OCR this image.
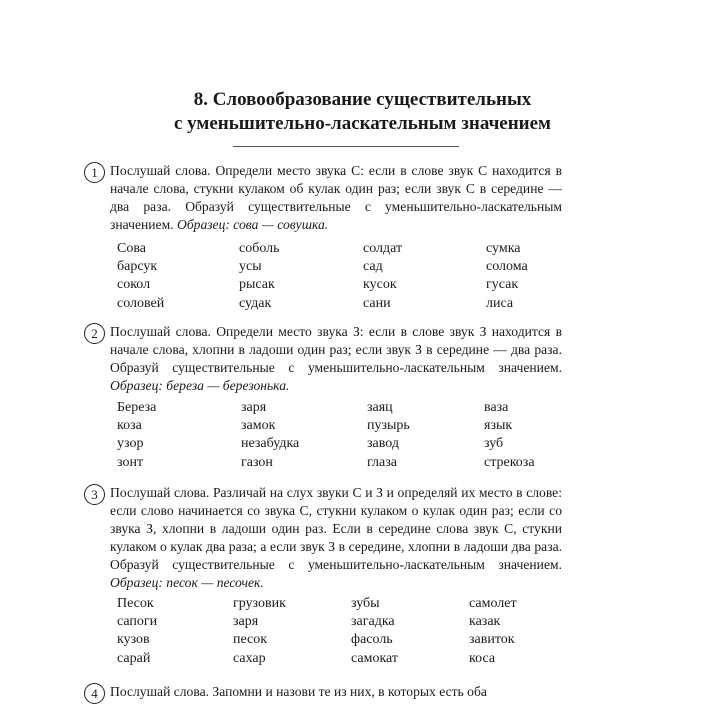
8. Словообразование существительных
с уменьшительно-ласкательным значением
1 Послушай слова. Определи место звука С: если в слове звук С находится в начале слова, стукни кулаком об кулак один раз; если звук С в середине — два раза. Образуй существительные с уменьшительно-ласкательным значением. Образец: сова — совушка.
Сова	соболь	солдат	сумка
барсук	усы	сад	солома
сокол	рысак	кусок	гусак
соловей	судак	сани	лиса
2 Послушай слова. Определи место звука З: если в слове звук З находится в начале слова, хлопни в ладоши один раз; если звук З в середине — два раза. Образуй существительные с уменьшительно-ласкательным значением. Образец: береза — березонька.
Береза	заря	заяц	ваза
коза	замок	пузырь	язык
узор	незабудка	завод	зуб
зонт	газон	глаза	стрекоза
3 Послушай слова. Различай на слух звуки С и З и определяй их место в слове: если слово начинается со звука С, стукни кулаком о кулак один раз; если со звука З, хлопни в ладоши один раз. Если в середине слова звук С, стукни кулаком о кулак два раза; а если звук З в середине, хлопни в ладоши два раза. Образуй существительные с уменьшительно-ласкательным значением. Образец: песок — песочек.
Песок	грузовик	зубы	самолет
сапоги	заря	загадка	казак
кузов	песок	фасоль	завиток
сарай	сахар	самокат	коса
4 Послушай слова. Запомни и назови те из них, в которых есть оба
